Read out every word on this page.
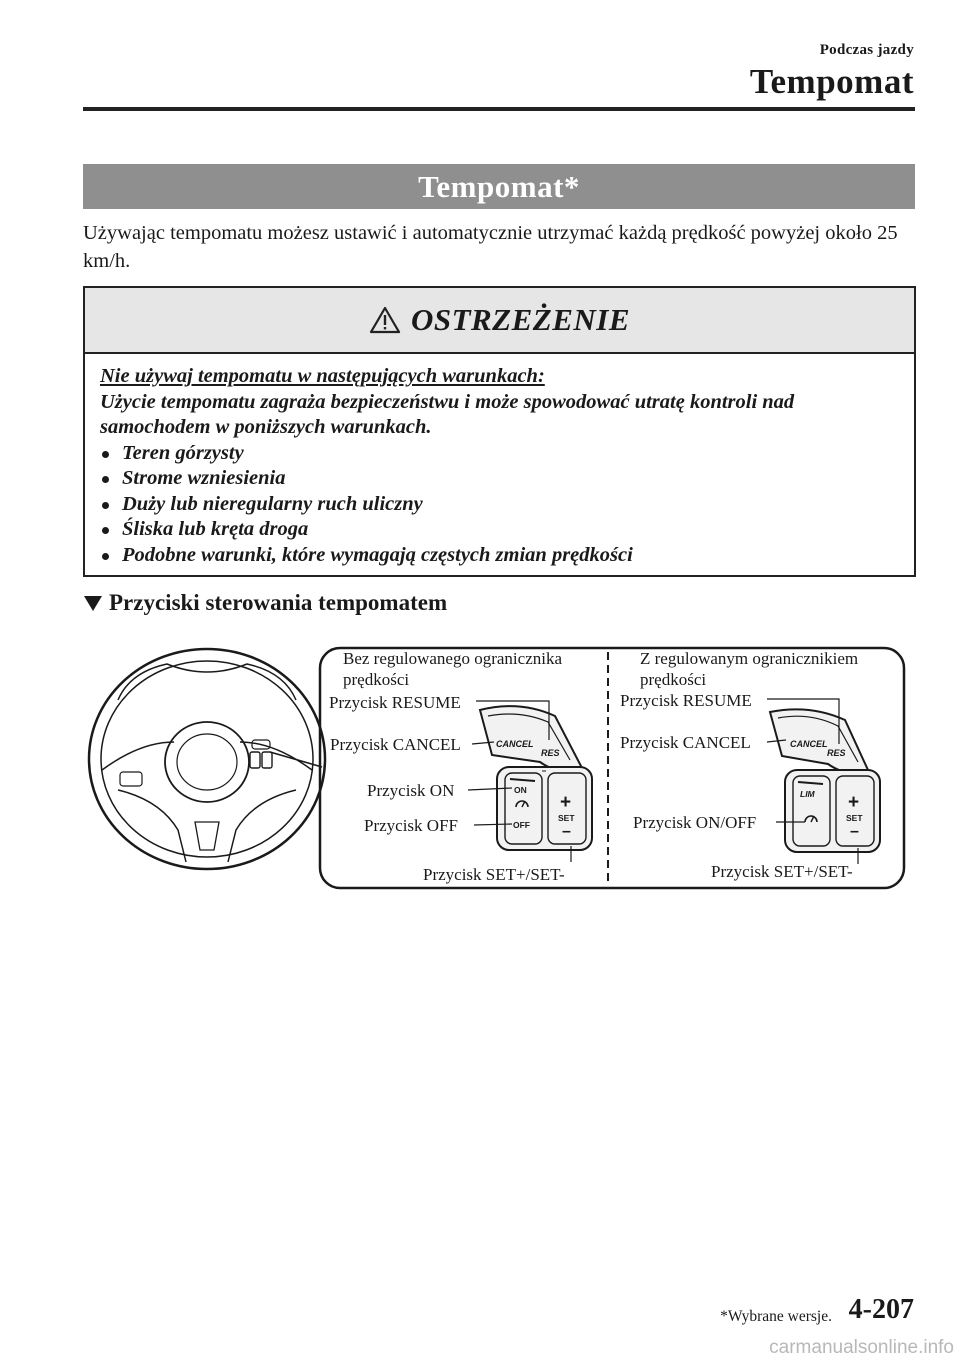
Podczas jazdy
Tempomat
Tempomat*
Używając tempomatu możesz ustawić i automatycznie utrzymać każdą prędkość powyżej około 25 km/h.
OSTRZEŻENIE
Nie używaj tempomatu w następujących warunkach:
Użycie tempomatu zagraża bezpieczeństwu i może spowodować utratę kontroli nad samochodem w poniższych warunkach.
Teren górzysty
Strome wzniesienia
Duży lub nieregularny ruch uliczny
Śliska lub kręta droga
Podobne warunki, które wymagają częstych zmian prędkości
Przyciski sterowania tempomatem
CANCEL
RES
ON
OFF
+
SET
–
CANCEL
RES
LIM +
SET
–
Bez regulowanego ogranicznika
prędkości
Przycisk RESUME
Przycisk CANCEL
Przycisk ON
Przycisk OFF
Przycisk SET+/SET-
Z regulowanym ogranicznikiem
prędkości
Przycisk RESUME
Przycisk CANCEL
Przycisk ON/OFF
Przycisk SET+/SET-
*Wybrane wersje. 4-207
carmanualsonline.info
